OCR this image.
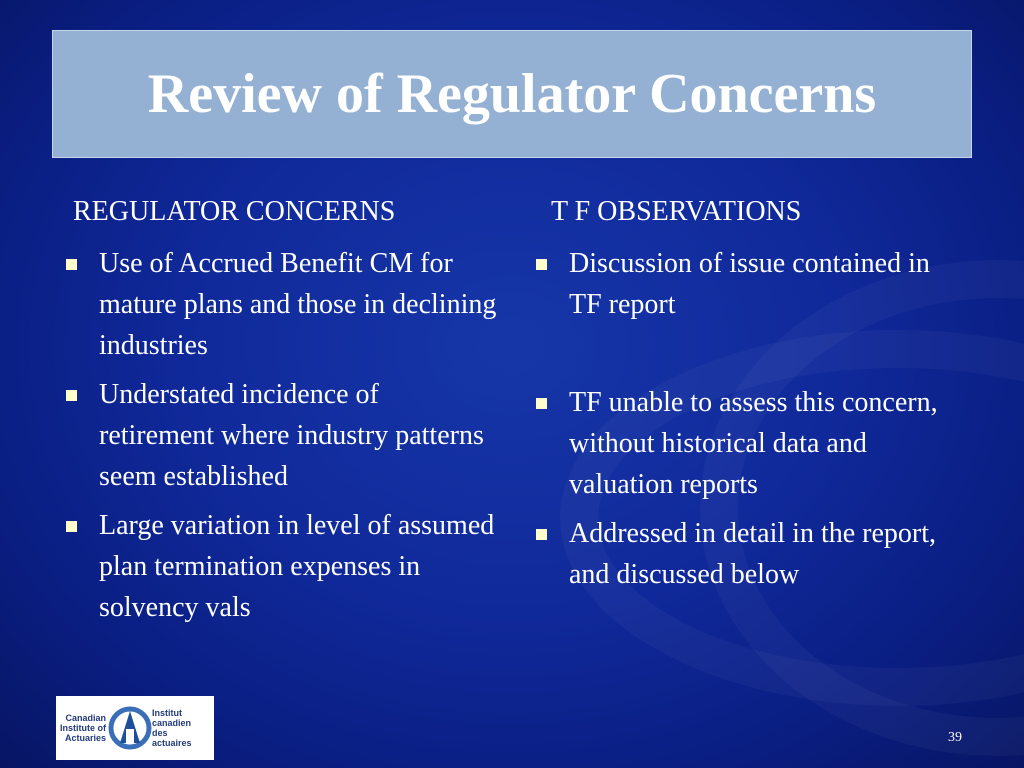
Review of Regulator Concerns
REGULATOR CONCERNS	T F OBSERVATIONS
Use of Accrued Benefit CM for mature plans and those in declining industries
Understated incidence of retirement where industry patterns seem established
Large variation in level of assumed plan termination expenses in solvency vals
Discussion of issue contained in TF report
TF unable to assess this concern, without historical data and valuation reports
Addressed in detail in the report, and discussed below
Canadian
Institute of
Actuaries
Institut
canadien
des actuaires	39
